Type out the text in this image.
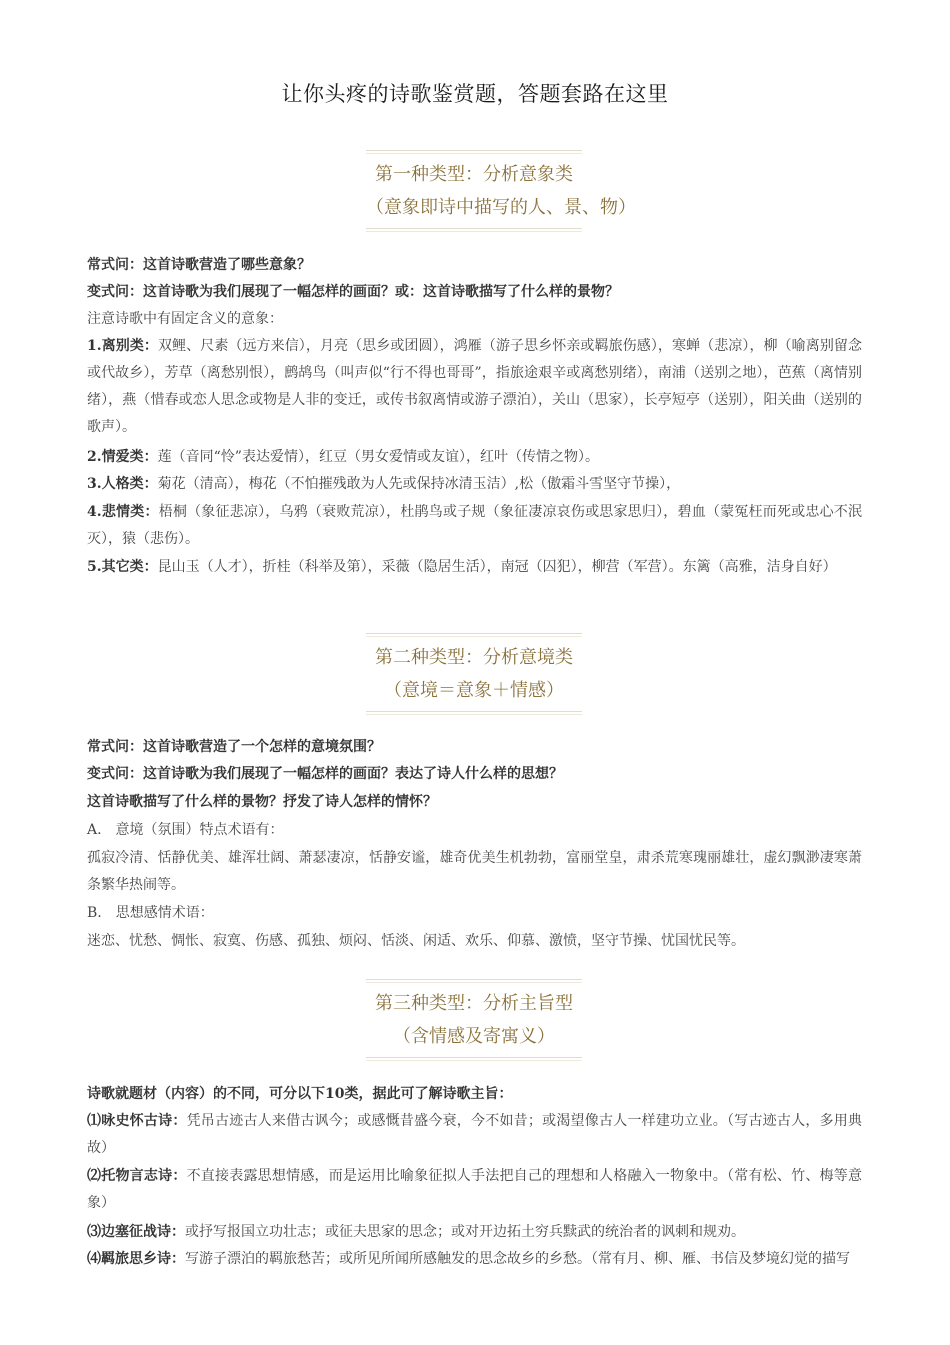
让你头疼的诗歌鉴赏题，答题套路在这里
第一种类型：分析意象类
（意象即诗中描写的人、景、物）
常式问：这首诗歌营造了哪些意象？
变式问：这首诗歌为我们展现了一幅怎样的画面？或：这首诗歌描写了什么样的景物？
注意诗歌中有固定含义的意象：
1.离别类：双鲤、尺素（远方来信），月亮（思乡或团圆），鸿雁（游子思乡怀亲或羁旅伤感），寒蝉（悲凉），柳（喻离别留念或代故乡），芳草（离愁别恨），鹧鸪鸟（叫声似“行不得也哥哥”，指旅途艰辛或离愁别绪），南浦（送别之地），芭蕉（离情别绪），燕（惜春或恋人思念或物是人非的变迁，或传书叙离情或游子漂泊），关山（思家），长亭短亭（送别），阳关曲（送别的歌声）。
2.情爱类：莲（音同“怜”表达爱情），红豆（男女爱情或友谊），红叶（传情之物）。
3.人格类：菊花（清高），梅花（不怕摧残敢为人先或保持冰清玉洁）,松（傲霜斗雪坚守节操），
4.悲情类：梧桐（象征悲凉），乌鸦（衰败荒凉），杜鹃鸟或子规（象征凄凉哀伤或思家思归），碧血（蒙冤枉而死或忠心不泯灭），猿（悲伤）。
5.其它类：昆山玉（人才），折桂（科举及第），采薇（隐居生活），南冠（囚犯），柳营（军营）。东篱（高雅，洁身自好）
第二种类型：分析意境类
（意境＝意象＋情感）
常式问：这首诗歌营造了一个怎样的意境氛围？
变式问：这首诗歌为我们展现了一幅怎样的画面？表达了诗人什么样的思想？
这首诗歌描写了什么样的景物？抒发了诗人怎样的情怀？
A.　意境（氛围）特点术语有：
孤寂冷清、恬静优美、雄浑壮阔、萧瑟凄凉，恬静安谧，雄奇优美生机勃勃，富丽堂皇，肃杀荒寒瑰丽雄壮，虚幻飘渺凄寒萧条繁华热闹等。
B.　思想感情术语：
迷恋、忧愁、惆怅、寂寞、伤感、孤独、烦闷、恬淡、闲适、欢乐、仰慕、激愤，坚守节操、忧国忧民等。
第三种类型：分析主旨型
（含情感及寄寓义）
诗歌就题材（内容）的不同，可分以下10类，据此可了解诗歌主旨：
⑴咏史怀古诗：凭吊古迹古人来借古讽今；或感慨昔盛今衰，今不如昔；或渴望像古人一样建功立业。（写古迹古人，多用典故）
⑵托物言志诗：不直接表露思想情感，而是运用比喻象征拟人手法把自己的理想和人格融入一物象中。（常有松、竹、梅等意象）
⑶边塞征战诗：或抒写报国立功壮志；或征夫思家的思念；或对开边拓土穷兵黩武的统治者的讽刺和规劝。
⑷羁旅思乡诗：写游子漂泊的羁旅愁苦；或所见所闻所感触发的思念故乡的乡愁。（常有月、柳、雁、书信及梦境幻觉的描写
